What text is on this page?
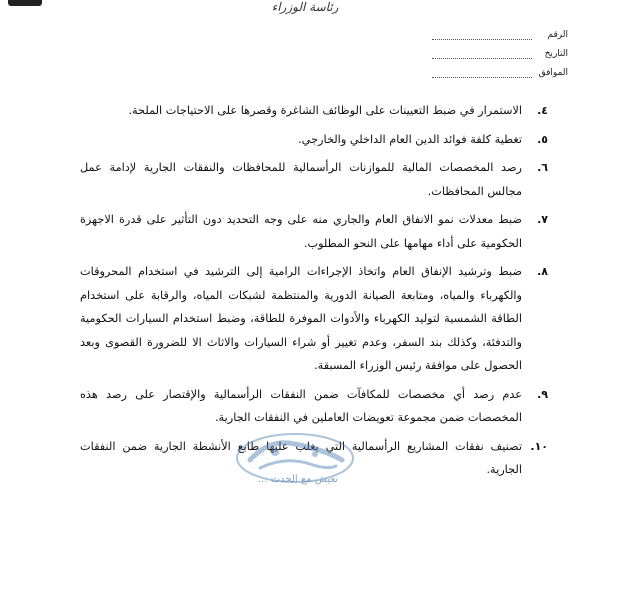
رئاسة الوزراء
الرقم
التاريخ
الموافق
٤.
الاستمرار في ضبط التعيينات على الوظائف الشاغرة وقصرها على الاحتياجات الملحة.
٥.
تغطية كلفة فوائد الدين العام الداخلي والخارجي.
٦.
رصد المخصصات المالية للموازنات الرأسمالية للمحافظات والنفقات الجارية لإدامة عمل مجالس المحافظات.
٧.
ضبط معدلات نمو الانفاق العام والجاري منه على وجه التحديد دون التأثير على قدرة الاجهزة الحكومية على أداء مهامها على النحو المطلوب.
٨.
ضبط وترشيد الإنفاق العام واتخاذ الإجراءات الرامية إلى الترشيد في استخدام المحروقات والكهرباء والمياه، ومتابعة الصيانة الدورية والمنتظمة لشبكات المياه، والرقابة على استخدام الطاقة الشمسية لتوليد الكهرباء والأدوات الموفرة للطاقة، وضبط استخدام السيارات الحكومية والتدفئة، وكذلك بند السفر، وعدم تغيير أو شراء السيارات والاثاث الا للضرورة القصوى وبعد الحصول على موافقة رئيس الوزراء المسبقة.
٩.
عدم رصد أي مخصصات للمكافآت ضمن النفقات الرأسمالية والإقتصار على رصد هذه المخصصات ضمن مجموعة تعويضات العاملين في النفقات الجارية.
١٠.
تصنيف نفقات المشاريع الرأسمالية التي يغلب عليها طابع الأنشطة الجارية ضمن النفقات الجارية.
نعيش مع الحدث ...
